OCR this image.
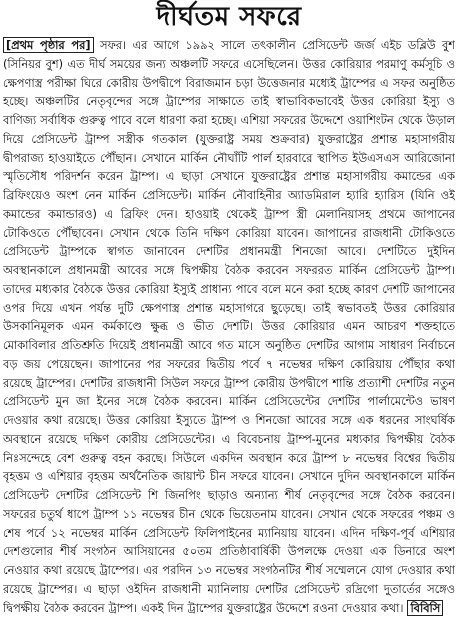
দীর্ঘতম সফরে

[প্রথম পৃষ্ঠার পর] সফর। এর আগে ১৯৯২ সালে তৎকালীন প্রেসিডেন্ট জর্জ এইচ ডব্লিউ বুশ (সিনিয়র বুশ) এত দীর্ঘ সময়ের জন্য অঞ্চলটি সফরে এসেছিলেন। উত্তর কোরিয়ার পরমাণু কর্মসূচি ও ক্ষেপণাস্ত্র পরীক্ষা ঘিরে কোরীয় উপদ্বীপে বিরাজমান চড়া উত্তেজনার মধ্যেই ট্রাম্পের এ সফর অনুষ্ঠিত হচ্ছে। অঞ্চলটির নেতৃবৃন্দের সঙ্গে ট্রাম্পের সাক্ষাতে তাই স্বাভাবিকভাবেই উত্তর কোরিয়া ইস্যু ও বাণিজ্য সর্বাধিক গুরুত্ব পাবে বলে ধারণা করা হচ্ছে। এশিয়া সফরের উদ্দেশে ওয়াশিংটন থেকে উড়াল দিয়ে প্রেসিডেন্ট ট্রাম্প সস্ত্রীক গতকাল (যুক্তরাষ্ট্র সময় শুক্রবার) যুক্তরাষ্ট্রের প্রশান্ত মহাসাগরীয় দ্বীপরাজ্য হাওয়াইতে পৌঁছান। সেখানে মার্কিন নৌঘাঁটি পার্ল হারবারে স্থাপিত ইউএসএস আরিজোনা স্মৃতিসৌধ পরিদর্শন করেন ট্রাম্প। এ ছাড়া সেখানে যুক্তরাষ্ট্রের প্রশান্ত মহাসাগরীয় কমান্ডের এক ব্রিফিংয়েও অংশ নেন মার্কিন প্রেসিডেন্ট। মার্কিন নৌবাহিনীর অ্যাডমিরাল হ্যারি হ্যারিস (যিনি ওই কমান্ডের কমান্ডারও) এ ব্রিফিং দেন। হাওয়াই থেকেই ট্রাম্প স্ত্রী মেলানিয়াসহ প্রথমে জাপানের টোকিওতে পৌঁছাবেন। সেখান থেকে তিনি দক্ষিণ কোরিয়া যাবেন। জাপানের রাজধানী টোকিওতে প্রেসিডেন্ট ট্রাম্পকে স্বাগত জানাবেন দেশটির প্রধানমন্ত্রী শিনজো আবে। দেশটিতে দুইদিন অবস্থানকালে প্রধানমন্ত্রী আবের সঙ্গে দ্বিপক্ষীয় বৈঠক করবেন সফররত মার্কিন প্রেসিডেন্ট ট্রাম্প। তাদের মধ্যকার বৈঠকে উত্তর কোরিয়া ইস্যুই প্রাধান্য পাবে বলে মনে করা হচ্ছে কারণ দেশটি জাপানের ওপর দিয়ে এখন পর্যন্ত দুটি ক্ষেপণাস্ত্র প্রশান্ত মহাসাগরে ছুড়েছে। তাই স্বভাবতই উত্তর কোরিয়ার উসকানিমূলক এমন কর্মকাণ্ডে ক্ষুব্ধ ও ভীত দেশটি। উত্তর কোরিয়ার এমন আচরণ শক্তহাতে মোকাবিলার প্রতিশ্রুতি দিয়েই প্রধানমন্ত্রী আবে গত মাসে অনুষ্ঠিত দেশটির আগাম সাধারণ নির্বাচনে বড় জয় পেয়েছেন। জাপানের পর সফরের দ্বিতীয় পর্বে ৭ নভেম্বর দক্ষিণ কোরিয়ায় পৌঁছার কথা রয়েছে ট্রাম্পের। দেশটির রাজধানী সিউল সফরে ট্রাম্প কোরীয় উপদ্বীপে শান্তি প্রত্যাশী দেশটির নতুন প্রেসিডেন্ট মুন জা ইনের সঙ্গে বৈঠক করবেন। মার্কিন প্রেসিডেন্টের দেশটির পার্লামেন্টেও ভাষণ দেওয়ার কথা রয়েছে। উত্তর কোরিয়া ইস্যুতে ট্রাম্প ও শিনজো আবের সঙ্গে এক ধরনের সাংঘর্ষিক অবস্থানে রয়েছে দক্ষিণ কোরীয় প্রেসিডেন্টের। এ বিবেচনায় ট্রাম্প-মুনের মধ্যকার দ্বিপক্ষীয় বৈঠক নিঃসন্দেহে বেশ গুরুত্ব বহন করছে। সিউলে একদিন অবস্থান করে ট্রাম্প ৮ নভেম্বর বিশ্বের দ্বিতীয় বৃহত্তম ও এশিয়ার বৃহত্তম অর্থনৈতিক জায়ান্ট চীন সফরে যাবেন। সেখানে দুদিন অবস্থানকালে মার্কিন প্রেসিডেন্ট দেশটির প্রেসিডেন্ট শি জিনপিং ছাড়াও অন্যান্য শীর্ষ নেতৃবৃন্দের সঙ্গে বৈঠক করবেন। সফরের চতুর্থ ধাপে ট্রাম্প ১১ নভেম্বর চীন থেকে ভিয়েতনাম যাবেন। সেখান থেকে সফরের পঞ্চম ও শেষ পর্বে ১২ নভেম্বর মার্কিন প্রেসিডেন্ট ফিলিপাইনের ম্যানিয়ায় যাবেন। এদিন দক্ষিণ-পূর্ব এশিয়ার দেশগুলোর শীর্ষ সংগঠন আসিয়ানের ৫০তম প্রতিষ্ঠাবার্ষিকী উপলক্ষে দেওয়া এক ডিনারে অংশ নেওয়ার কথা রয়েছে ট্রাম্পের। এর পরদিন ১৩ নভেম্বর সংগঠনটির শীর্ষ সম্মেলনে যোগ দেওয়ার কথা রয়েছে ট্রাম্পের। এ ছাড়া ওইদিন রাজধানী ম্যানিলায় দেশটির প্রেসিডেন্ট রদ্রিগো দুতার্তের সঙ্গেও দ্বিপক্ষীয় বৈঠক করবেন ট্রাম্প। একই দিন ট্রাম্পের যুক্তরাষ্ট্রের উদ্দেশে রওনা দেওয়ার কথা। বিবিসি
